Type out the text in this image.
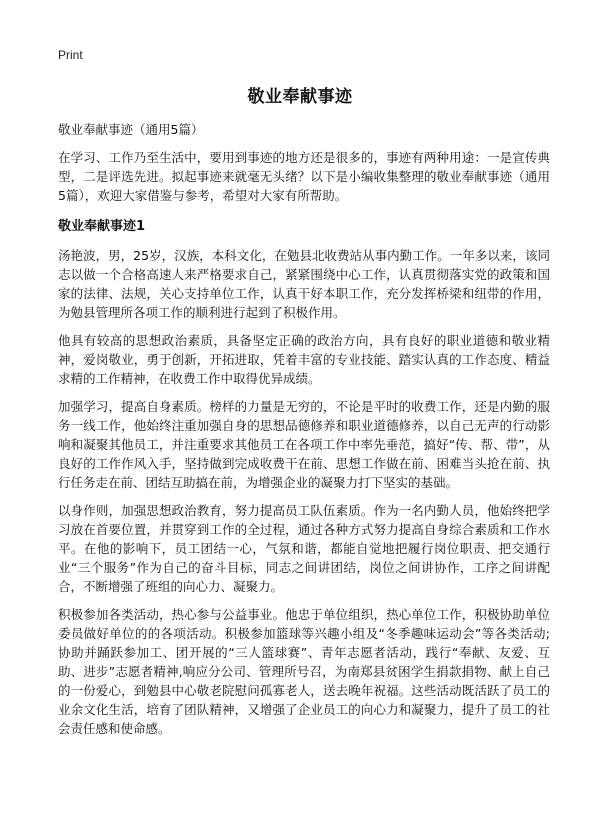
Print
敬业奉献事迹

敬业奉献事迹（通用5篇）

在学习、工作乃至生活中，要用到事迹的地方还是很多的，事迹有两种用途：一是宣传典型，二是评选先进。拟起事迹来就毫无头绪？以下是小编收集整理的敬业奉献事迹（通用5篇），欢迎大家借鉴与参考，希望对大家有所帮助。

敬业奉献事迹1

汤艳波，男，25岁，汉族，本科文化，在勉县北收费站从事内勤工作。一年多以来，该同志以做一个合格高速人来严格要求自己，紧紧围绕中心工作，认真贯彻落实党的政策和国家的法律、法规，关心支持单位工作，认真干好本职工作，充分发挥桥梁和纽带的作用，为勉县管理所各项工作的顺利进行起到了积极作用。

他具有较高的思想政治素质，具备坚定正确的政治方向，具有良好的职业道德和敬业精神，爱岗敬业，勇于创新，开拓进取，凭着丰富的专业技能、踏实认真的工作态度、精益求精的工作精神，在收费工作中取得优异成绩。

加强学习，提高自身素质。榜样的力量是无穷的，不论是平时的收费工作，还是内勤的服务一线工作，他始终注重加强自身的思想品德修养和职业道德修养，以自己无声的行动影响和凝聚其他员工，并注重要求其他员工在各项工作中率先垂范，搞好“传、帮、带”，从良好的工作作风入手，坚持做到完成收费干在前、思想工作做在前、困难当头抢在前、执行任务走在前、团结互助搞在前，为增强企业的凝聚力打下坚实的基础。

以身作则，加强思想政治教育，努力提高员工队伍素质。作为一名内勤人员，他始终把学习放在首要位置，并贯穿到工作的全过程，通过各种方式努力提高自身综合素质和工作水平。在他的影响下，员工团结一心，气氛和谐，都能自觉地把履行岗位职责、把交通行业“三个服务”作为自己的奋斗目标，同志之间讲团结，岗位之间讲协作，工序之间讲配合，不断增强了班组的向心力、凝聚力。

积极参加各类活动，热心参与公益事业。他忠于单位组织，热心单位工作，积极协助单位委员做好单位的的各项活动。积极参加篮球等兴趣小组及“冬季趣味运动会”等各类活动;协助并踊跃参加工、团开展的“三人篮球赛”、青年志愿者活动，践行“奉献、友爱、互助、进步”志愿者精神,响应分公司、管理所号召，为南郑县贫困学生捐款捐物、献上自己的一份爱心，到勉县中心敬老院慰问孤寡老人，送去晚年祝福。这些活动既活跃了员工的业余文化生活，培育了团队精神，又增强了企业员工的向心力和凝聚力，提升了员工的社会责任感和使命感。
